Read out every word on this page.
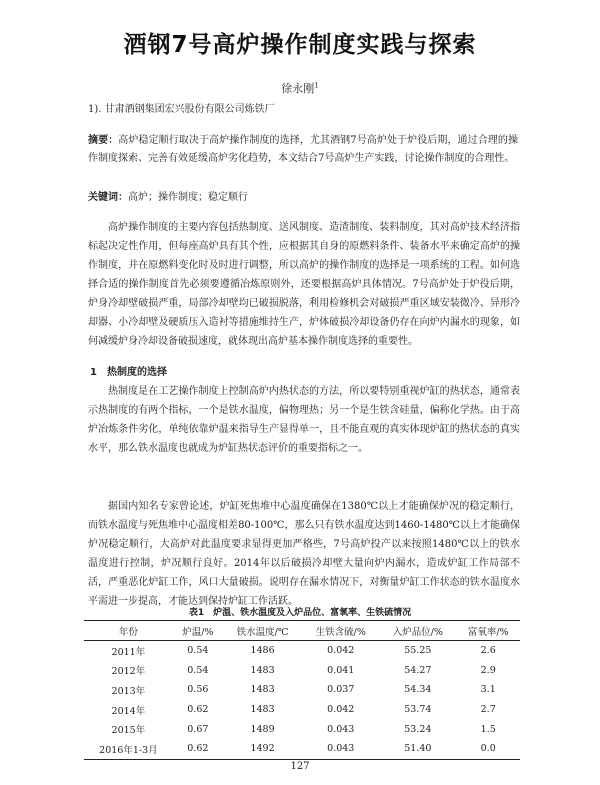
酒钢7号高炉操作制度实践与探索
徐永刚$^1$
1). 甘肃酒钢集团宏兴股份有限公司炼铁厂
摘要：高炉稳定顺行取决于高炉操作制度的选择，尤其酒钢7号高炉处于炉役后期，通过合理的操作制度探索、完善有效延缓高炉劣化趋势，本文结合7号高炉生产实践，讨论操作制度的合理性。
关键词：高炉；操作制度；稳定顺行

高炉操作制度的主要内容包括热制度、送风制度、造渣制度、装料制度，其对高炉技术经济指标起决定性作用，但每座高炉具有其个性，应根据其自身的原燃料条件、装备水平来确定高炉的操作制度，并在原燃料变化时及时进行调整，所以高炉的操作制度的选择是一项系统的工程。如何选择合适的操作制度首先必须要遵循冶炼原则外，还要根据高炉具体情况。7号高炉处于炉役后期，炉身冷却壁破损严重，局部冷却壁均已破损脱落，利用检修机会对破损严重区域安装微冷、异形冷却器、小冷却壁及硬质压入造衬等措施维持生产，炉体破损冷却设备仍存在向炉内漏水的现象，如何减缓炉身冷却设备破损速度，就体现出高炉基本操作制度选择的重要性。

1　热制度的选择

热制度是在工艺操作制度上控制高炉内热状态的方法，所以要特别重视炉缸的热状态，通常表示热制度的有两个指标，一个是铁水温度，偏物理热；另一个是生铁含硅量，偏称化学热。由于高炉冶炼条件劣化，单纯依靠炉温来指导生产显得单一，且不能直观的真实体现炉缸的热状态的真实水平，那么铁水温度也就成为炉缸热状态评价的重要指标之一。

据国内知名专家曾论述，炉缸死焦堆中心温度确保在1380℃以上才能确保炉况的稳定顺行，而铁水温度与死焦堆中心温度相差80-100℃，那么只有铁水温度达到1460-1480℃以上才能确保炉况稳定顺行，大高炉对此温度要求显得更加严格些，7号高炉投产以来按照1480℃以上的铁水温度进行控制，炉况顺行良好。2014年以后破损冷却壁大量向炉内漏水，造成炉缸工作局部不活，严重恶化炉缸工作，风口大量破损。说明存在漏水情况下，对衡量炉缸工作状态的铁水温度水平需进一步提高，才能达到保持炉缸工作活跃。

表1　炉温、铁水温度及入炉品位、富氧率、生铁硫情况
年份	炉温/%	铁水温度/℃	生铁含硫/%	入炉品位/%	富氧率/%
2011年	0.54	1486	0.042	55.25	2.6
2012年	0.54	1483	0.041	54.27	2.9
2013年	0.56	1483	0.037	54.34	3.1
2014年	0.62	1483	0.042	53.74	2.7
2015年	0.67	1489	0.043	53.24	1.5
2016年1-3月	0.62	1492	0.043	51.40	0.0
127
